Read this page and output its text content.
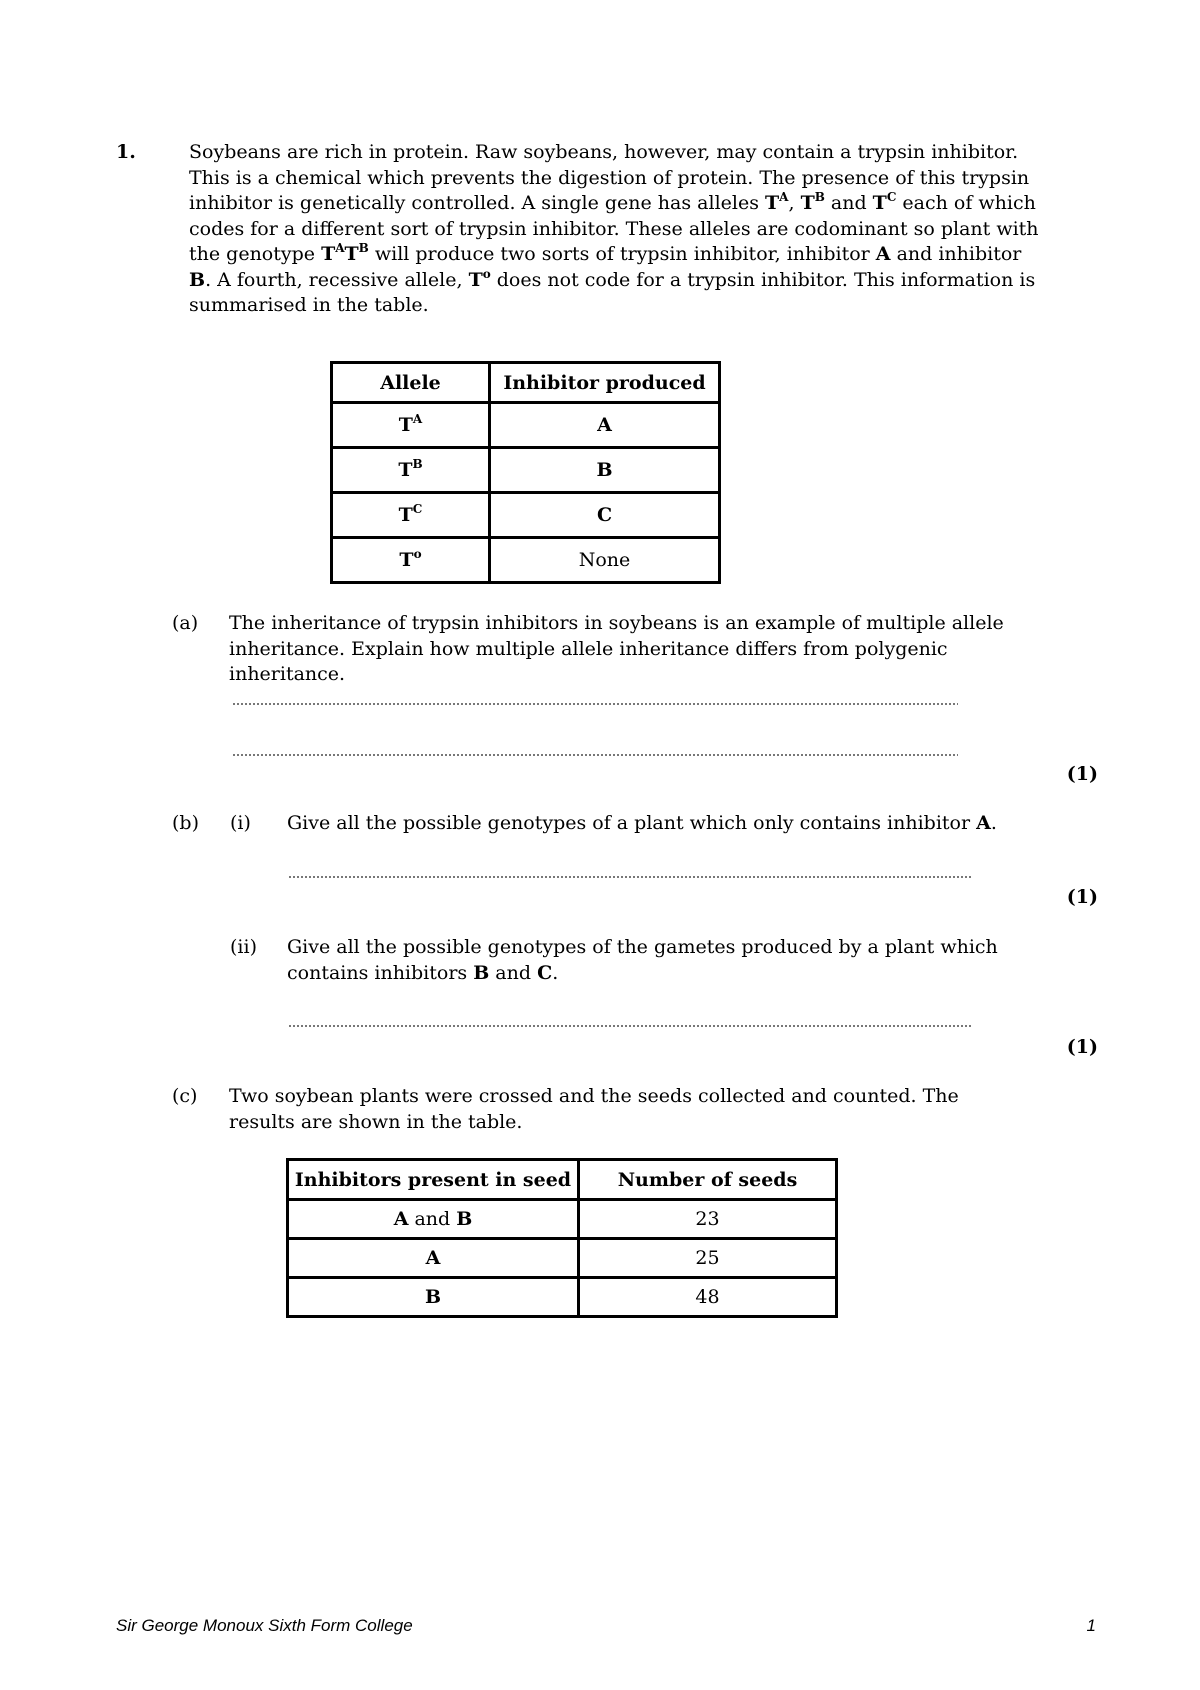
1.	Soybeans are rich in protein. Raw soybeans, however, may contain a trypsin inhibitor. This is a chemical which prevents the digestion of protein. The presence of this trypsin inhibitor is genetically controlled. A single gene has alleles $T^A$, $T^B$ and $T^C$ each of which codes for a different sort of trypsin inhibitor. These alleles are codominant so plant with the genotype $T^AT^B$ will produce two sorts of trypsin inhibitor, inhibitor A and inhibitor B. A fourth, recessive allele, $T^o$ does not code for a trypsin inhibitor. This information is summarised in the table.
Allele	Inhibitor produced
$T^A$	A
$T^B$	B
$T^C$	C
$T^o$	None
(a) The inheritance of trypsin inhibitors in soybeans is an example of multiple allele inheritance. Explain how multiple allele inheritance differs from polygenic inheritance.
(1)
(b) (i) Give all the possible genotypes of a plant which only contains inhibitor A.
(1)
(ii) Give all the possible genotypes of the gametes produced by a plant which contains inhibitors B and C.
(1)
(c) Two soybean plants were crossed and the seeds collected and counted. The results are shown in the table.
Inhibitors present in seed	Number of seeds
A and B	23
A	25
B	48
Sir George Monoux Sixth Form College	1
